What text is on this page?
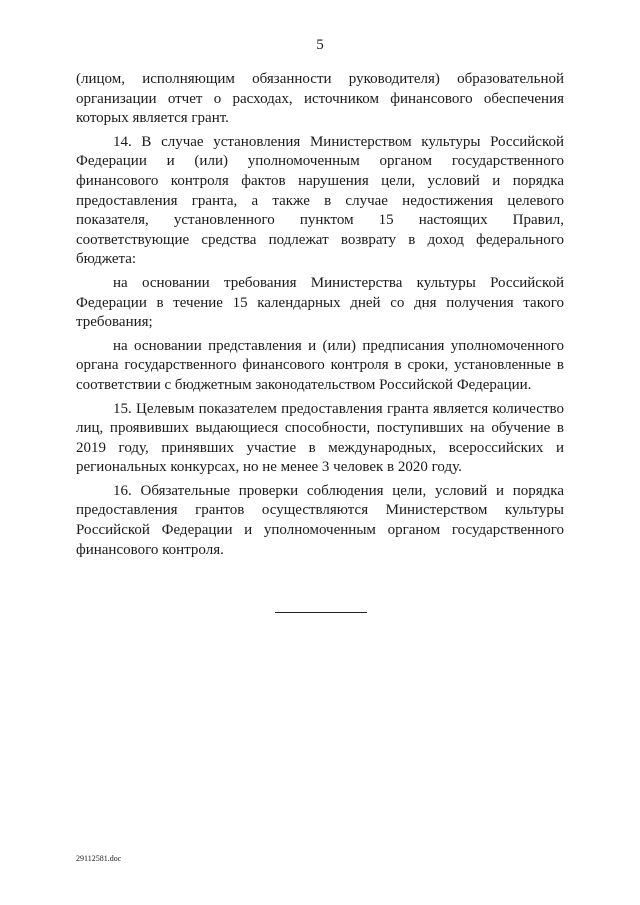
5

(лицом, исполняющим обязанности руководителя) образовательной организации отчет о расходах, источником финансового обеспечения которых является грант.

14. В случае установления Министерством культуры Российской Федерации и (или) уполномоченным органом государственного финансового контроля фактов нарушения цели, условий и порядка предоставления гранта, а также в случае недостижения целевого показателя, установленного пунктом 15 настоящих Правил, соответствующие средства подлежат возврату в доход федерального бюджета:

на основании требования Министерства культуры Российской Федерации в течение 15 календарных дней со дня получения такого требования;

на основании представления и (или) предписания уполномоченного органа государственного финансового контроля в сроки, установленные в соответствии с бюджетным законодательством Российской Федерации.

15. Целевым показателем предоставления гранта является количество лиц, проявивших выдающиеся способности, поступивших на обучение в 2019 году, принявших участие в международных, всероссийских и региональных конкурсах, но не менее 3 человек в 2020 году.

16. Обязательные проверки соблюдения цели, условий и порядка предоставления грантов осуществляются Министерством культуры Российской Федерации и уполномоченным органом государственного финансового контроля.

29112581.doc
